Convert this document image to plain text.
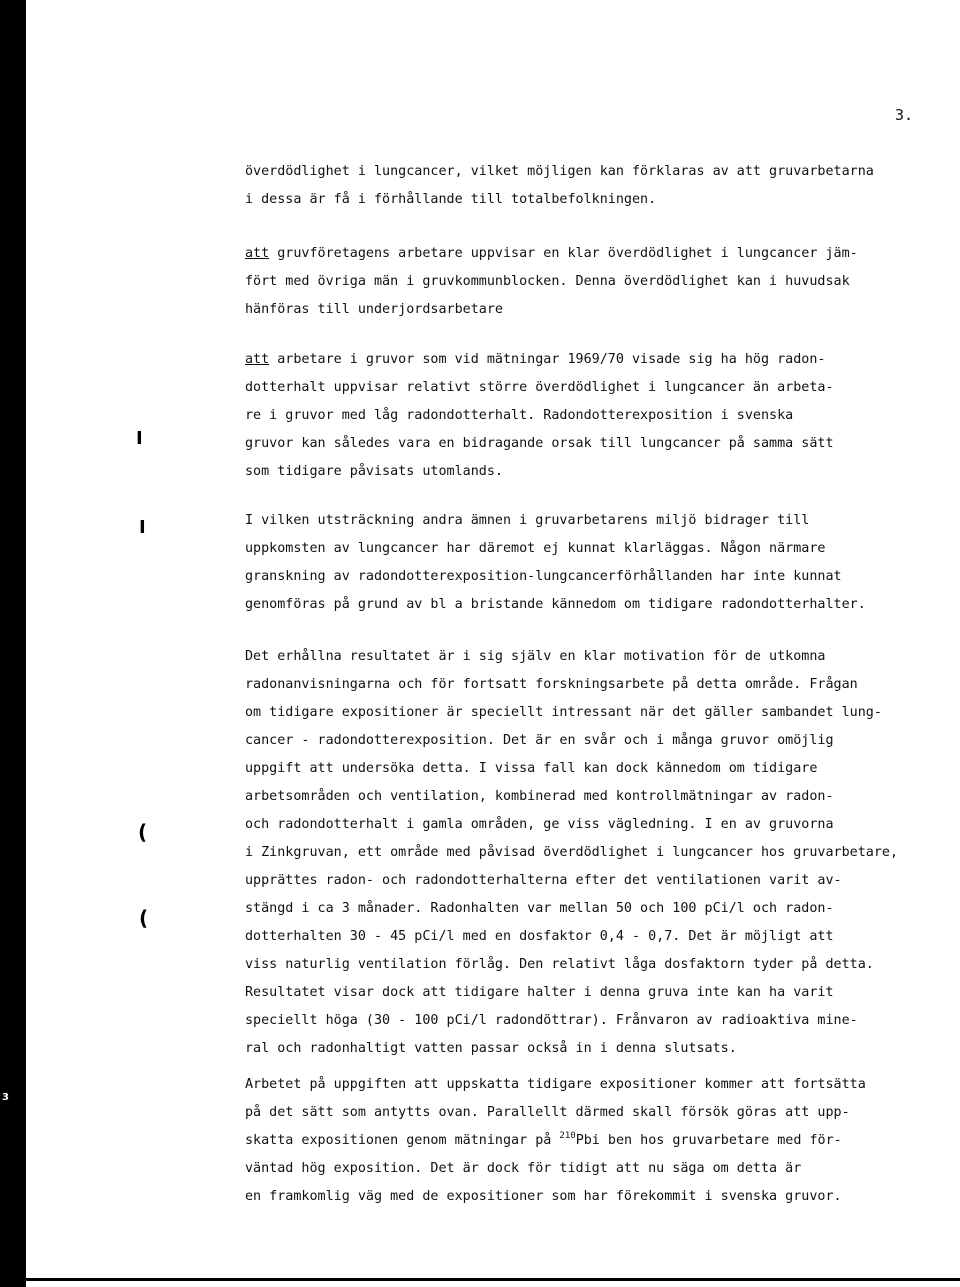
3.
I
I
(
(
3
överdödlighet i lungcancer, vilket möjligen kan förklaras av att gruvarbetarna
i dessa är få i förhållande till totalbefolkningen.
att gruvföretagens arbetare uppvisar en klar överdödlighet i lungcancer jäm-
fört med övriga män i gruvkommunblocken. Denna överdödlighet kan i huvudsak
hänföras till underjordsarbetare
att arbetare i gruvor som vid mätningar 1969/70 visade sig ha hög radon-
dotterhalt uppvisar relativt större överdödlighet i lungcancer än arbeta-
re i gruvor med låg radondotterhalt. Radondotterexposition i svenska
gruvor kan således vara en bidragande orsak till lungcancer på samma sätt
som tidigare påvisats utomlands.
I vilken utsträckning andra ämnen i gruvarbetarens miljö bidrager till
uppkomsten av lungcancer har däremot ej kunnat klarläggas. Någon närmare
granskning av radondotterexposition-lungcancerförhållanden har inte kunnat
genomföras på grund av bl a bristande kännedom om tidigare radondotterhalter.
Det erhållna resultatet är i sig själv en klar motivation för de utkomna
radonanvisningarna och för fortsatt forskningsarbete på detta område. Frågan
om tidigare expositioner är speciellt intressant när det gäller sambandet lung-
cancer - radondotterexposition. Det är en svår och i många gruvor omöjlig
uppgift att undersöka detta. I vissa fall kan dock kännedom om tidigare
arbetsområden och ventilation, kombinerad med kontrollmätningar av radon-
och radondotterhalt i gamla områden, ge viss vägledning. I en av gruvorna
i Zinkgruvan, ett område med påvisad överdödlighet i lungcancer hos gruvarbetare,
upprättes radon- och radondotterhalterna efter det ventilationen varit av-
stängd i ca 3 månader. Radonhalten var mellan 50 och 100 pCi/l och radon-
dotterhalten 30 - 45 pCi/l med en dosfaktor 0,4 - 0,7. Det är möjligt att
viss naturlig ventilation förlåg. Den relativt låga dosfaktorn tyder på detta.
Resultatet visar dock att tidigare halter i denna gruva inte kan ha varit
speciellt höga (30 - 100 pCi/l radondöttrar). Frånvaron av radioaktiva mine-
ral och radonhaltigt vatten passar också in i denna slutsats.
Arbetet på uppgiften att uppskatta tidigare expositioner kommer att fortsätta
på det sätt som antytts ovan. Parallellt därmed skall försök göras att upp-
skatta expositionen genom mätningar på $^{210}$Pbi ben hos gruvarbetare med för-
väntad hög exposition. Det är dock för tidigt att nu säga om detta är
en framkomlig väg med de expositioner som har förekommit i svenska gruvor.
